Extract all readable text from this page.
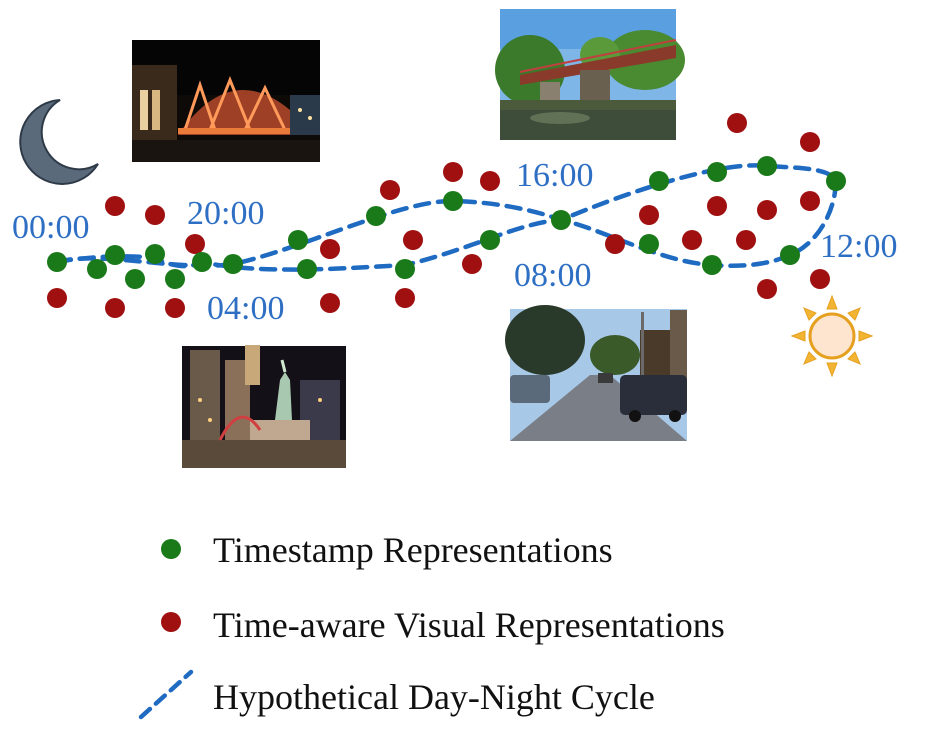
00:00	20:00
16:00
04:00
08:00
12:00
Timestamp Representations
Time-aware Visual Representations
Hypothetical Day-Night Cycle
